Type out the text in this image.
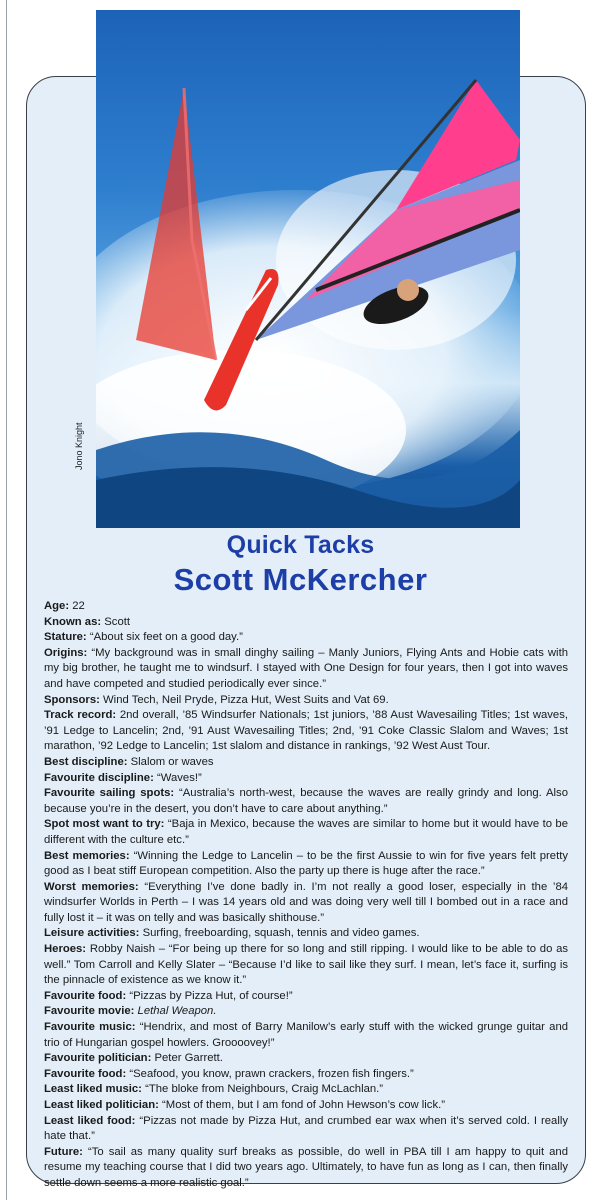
Jono Knight
Quick Tacks
Scott McKercher

Age: 22

Known as: Scott

Stature: “About six feet on a good day.”

Origins: “My background was in small dinghy sailing – Manly Juniors, Flying Ants and Hobie cats with my big brother, he taught me to windsurf. I stayed with One Design for four years, then I got into waves and have competed and studied periodically ever since.”

Sponsors: Wind Tech, Neil Pryde, Pizza Hut, West Suits and Vat 69.

Track record: 2nd overall, ’85 Windsurfer Nationals; 1st juniors, ’88 Aust Wavesailing Titles; 1st waves, ’91 Ledge to Lancelin; 2nd, ’91 Aust Wavesailing Titles; 2nd, ’91 Coke Classic Slalom and Waves; 1st marathon, ’92 Ledge to Lancelin; 1st slalom and distance in rankings, ’92 West Aust Tour.

Best discipline: Slalom or waves

Favourite discipline: “Waves!”

Favourite sailing spots: “Australia’s north-west, because the waves are really grindy and long. Also because you’re in the desert, you don’t have to care about anything.”

Spot most want to try: “Baja in Mexico, because the waves are similar to home but it would have to be different with the culture etc.”

Best memories: “Winning the Ledge to Lancelin – to be the first Aussie to win for five years felt pretty good as I beat stiff European competition. Also the party up there is huge after the race.”

Worst memories: “Everything I’ve done badly in. I’m not really a good loser, especially in the ’84 windsurfer Worlds in Perth – I was 14 years old and was doing very well till I bombed out in a race and fully lost it – it was on telly and was basically shithouse.”

Leisure activities: Surfing, freeboarding, squash, tennis and video games.

Heroes: Robby Naish – “For being up there for so long and still ripping. I would like to be able to do as well.” Tom Carroll and Kelly Slater – “Because I’d like to sail like they surf. I mean, let’s face it, surfing is the pinnacle of existence as we know it.”

Favourite food: “Pizzas by Pizza Hut, of course!”

Favourite movie: Lethal Weapon.

Favourite music: “Hendrix, and most of Barry Manilow’s early stuff with the wicked grunge guitar and trio of Hungarian gospel howlers. Groooovey!”

Favourite politician: Peter Garrett.

Favourite food: “Seafood, you know, prawn crackers, frozen fish fingers.”

Least liked music: “The bloke from Neighbours, Craig McLachlan.”

Least liked politician: “Most of them, but I am fond of John Hewson’s cow lick.”

Least liked food: “Pizzas not made by Pizza Hut, and crumbed ear wax when it’s served cold. I really hate that.”

Future: “To sail as many quality surf breaks as possible, do well in PBA till I am happy to quit and resume my teaching course that I did two years ago. Ultimately, to have fun as long as I can, then finally settle down seems a more realistic goal.”
